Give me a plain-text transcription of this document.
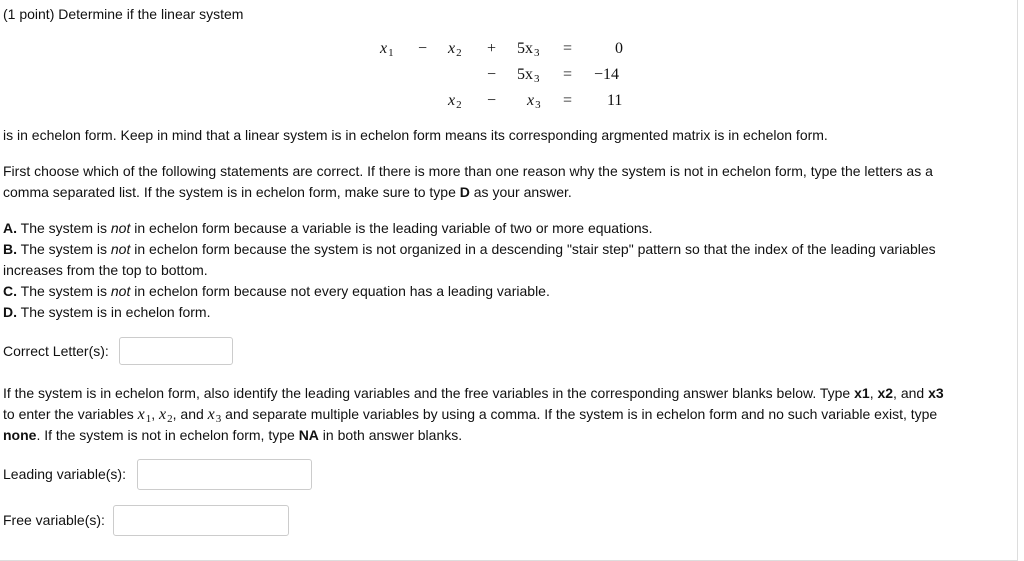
(1 point) Determine if the linear system

$x_1 - x_2 + 5x_3$ =	0
− $5x_3 = -14$
$x_2 - x_3 = 11$

is in echelon form. Keep in mind that a linear system is in echelon form means its corresponding argmented matrix is in echelon form.

First choose which of the following statements are correct. If there is more than one reason why the system is not in echelon form, type the letters as a

comma separated list. If the system is in echelon form, make sure to type D as your answer.

A. The system is not in echelon form because a variable is the leading variable of two or more equations.

B. The system is not in echelon form because the system is not organized in a descending "stair step" pattern so that the index of the leading variables

increases from the top to bottom.

C. The system is not in echelon form because not every equation has a leading variable.

D. The system is in echelon form.

Correct Letter(s):

If the system is in echelon form, also identify the leading variables and the free variables in the corresponding answer blanks below. Type x1, x2, and x3

to enter the variables $x_1$, $x_2$, and $x_3$ and separate multiple variables by using a comma. If the system is in echelon form and no such variable exist, type

none. If the system is not in echelon form, type NA in both answer blanks.

Leading variable(s):
Free variable(s):
